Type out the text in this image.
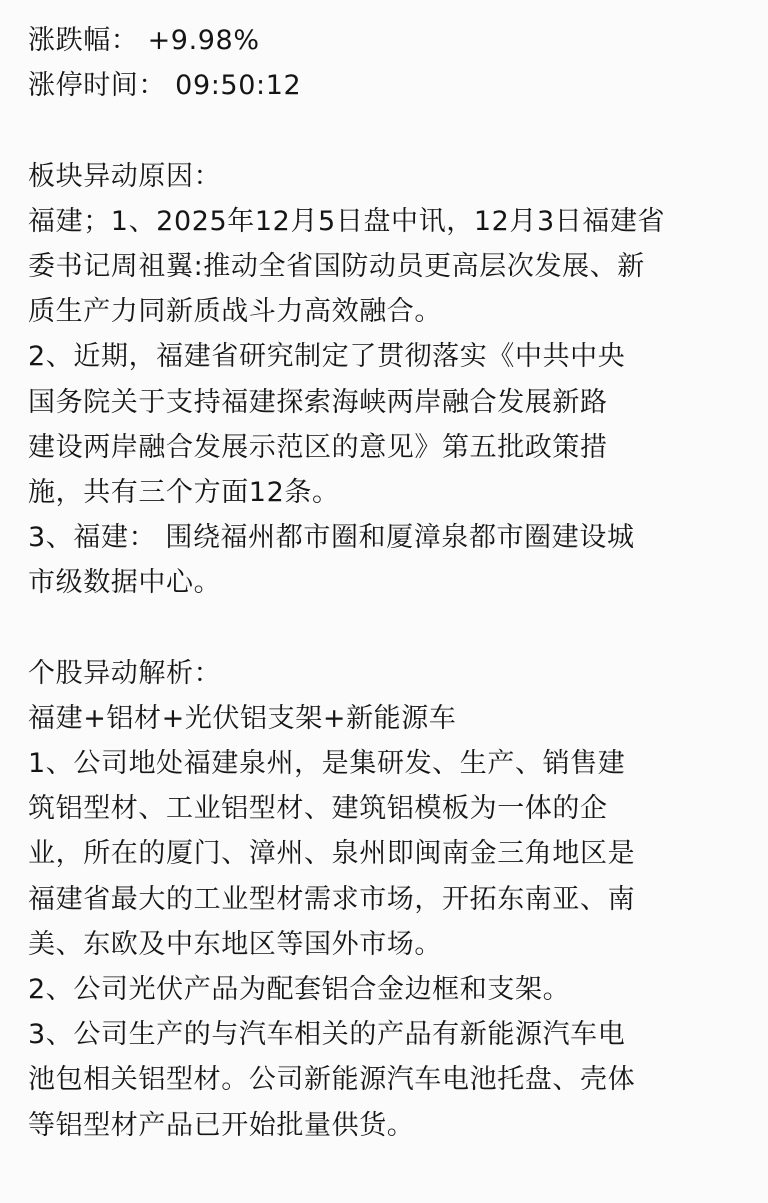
涨跌幅： +9.98%
涨停时间： 09:50:12
板块异动原因：
福建；1、2025年12月5日盘中讯，12月3日福建省
委书记周祖翼:推动全省国防动员更高层次发展、新
质生产力同新质战斗力高效融合。
2、近期，福建省研究制定了贯彻落实《中共中央
国务院关于支持福建探索海峡两岸融合发展新路
建设两岸融合发展示范区的意见》第五批政策措
施，共有三个方面12条。
3、福建： 围绕福州都市圈和厦漳泉都市圈建设城
市级数据中心。
个股异动解析：
福建+铝材+光伏铝支架+新能源车
1、公司地处福建泉州，是集研发、生产、销售建
筑铝型材、工业铝型材、建筑铝模板为一体的企
业，所在的厦门、漳州、泉州即闽南金三角地区是
福建省最大的工业型材需求市场，开拓东南亚、南
美、东欧及中东地区等国外市场。
2、公司光伏产品为配套铝合金边框和支架。
3、公司生产的与汽车相关的产品有新能源汽车电
池包相关铝型材。公司新能源汽车电池托盘、壳体
等铝型材产品已开始批量供货。
